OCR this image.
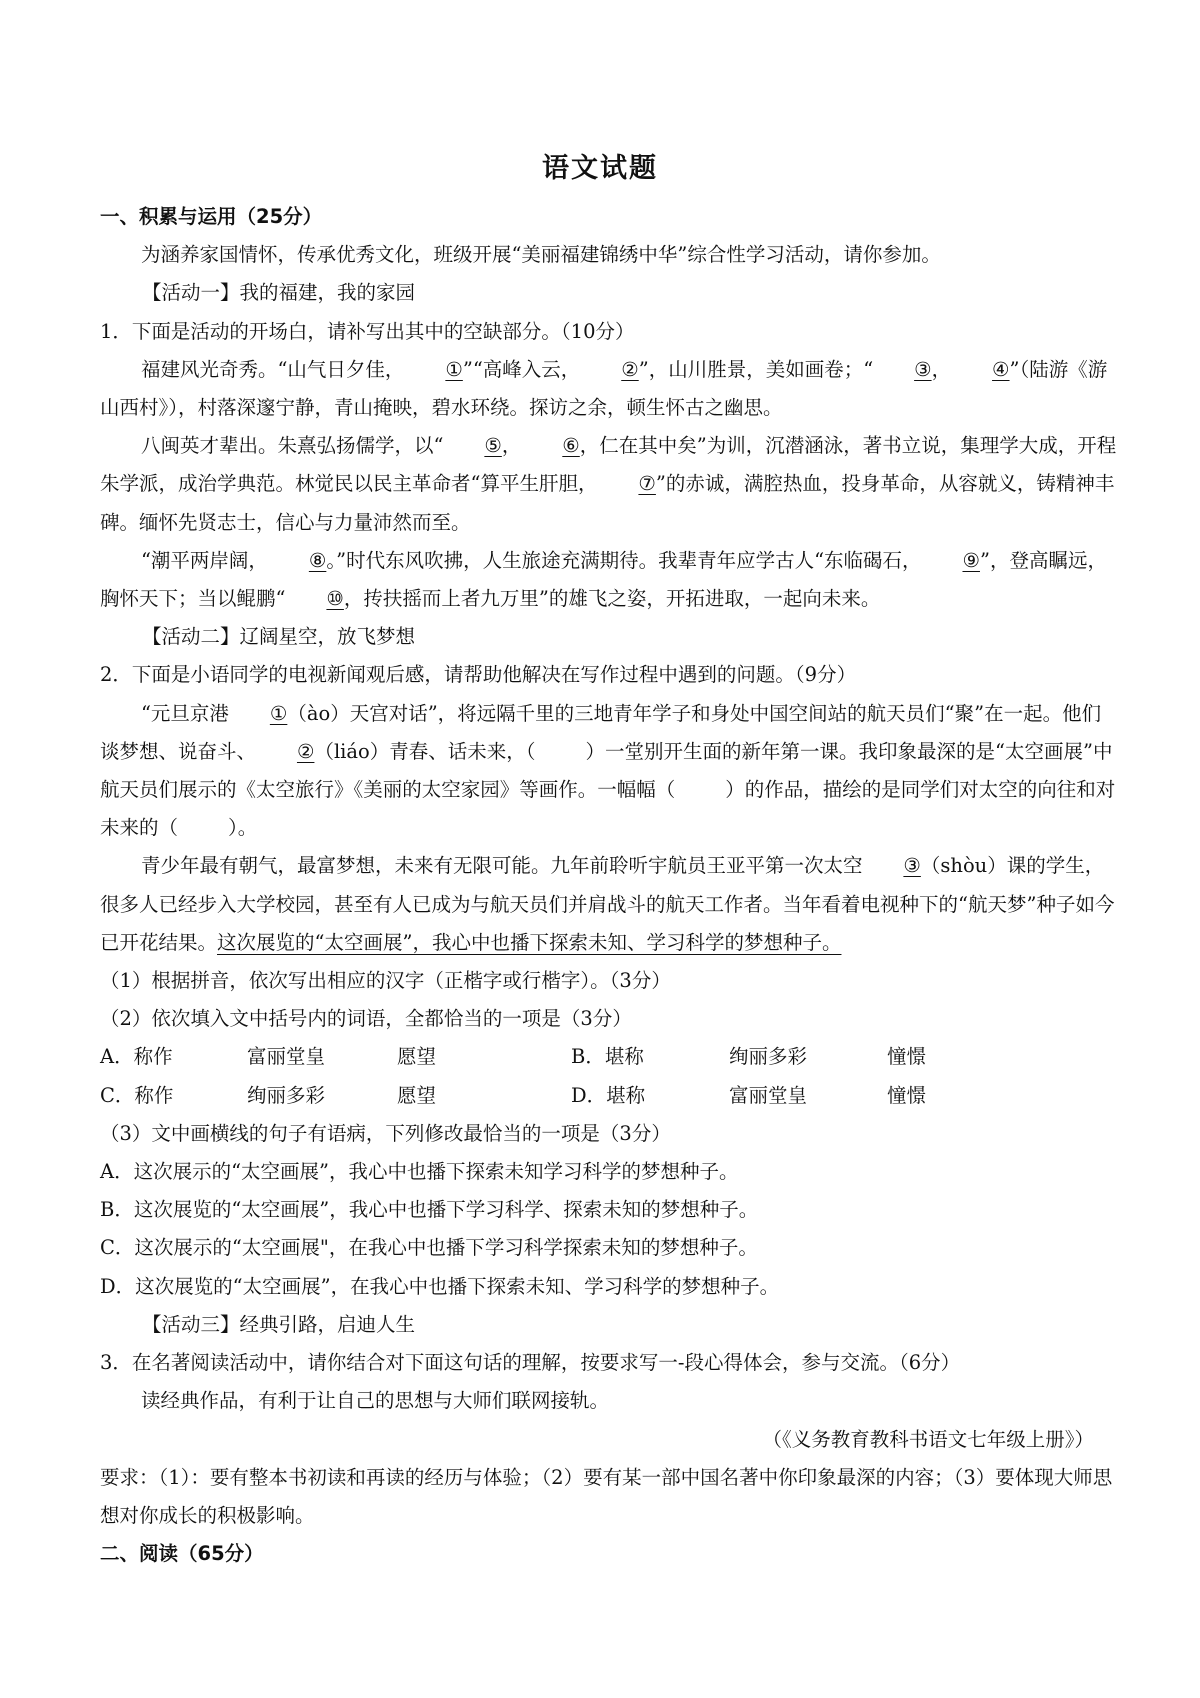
语文试题

一、积累与运用（25分）

为涵养家国情怀，传承优秀文化，班级开展“美丽福建锦绣中华”综合性学习活动，请你参加。

【活动一】我的福建，我的家园

1．下面是活动的开场白，请补写出其中的空缺部分。（10分）

福建风光奇秀。“山气日夕佳， ①”“高峰入云， ②”，山川胜景，美如画卷；“ ③， ④”（陆游《游山西村》），村落深邃宁静，青山掩映，碧水环绕。探访之余，顿生怀古之幽思。

八闽英才辈出。朱熹弘扬儒学，以“ ⑤， ⑥，仁在其中矣”为训，沉潜涵泳，著书立说，集理学大成，开程朱学派，成治学典范。林觉民以民主革命者“算平生肝胆， ⑦”的赤诚，满腔热血，投身革命，从容就义，铸精神丰碑。缅怀先贤志士，信心与力量沛然而至。

“潮平两岸阔， ⑧。”时代东风吹拂，人生旅途充满期待。我辈青年应学古人“东临碣石， ⑨”，登高瞩远，胸怀天下；当以鲲鹏“ ⑩，抟扶摇而上者九万里”的雄飞之姿，开拓进取，一起向未来。

【活动二】辽阔星空，放飞梦想

2．下面是小语同学的电视新闻观后感，请帮助他解决在写作过程中遇到的问题。（9分）

“元旦京港 ①（ào）天宫对话”，将远隔千里的三地青年学子和身处中国空间站的航天员们“聚”在一起。他们谈梦想、说奋斗、 ②（liáo）青春、话未来，（	）一堂别开生面的新年第一课。我印象最深的是“太空画展”中航天员们展示的《太空旅行》《美丽的太空家园》等画作。一幅幅（	）的作品，描绘的是同学们对太空的向往和对未来的（	）。

青少年最有朝气，最富梦想，未来有无限可能。九年前聆听宇航员王亚平第一次太空 ③（shòu）课的学生，很多人已经步入大学校园，甚至有人已成为与航天员们并肩战斗的航天工作者。当年看着电视种下的“航天梦”种子如今已开花结果。这次展览的“太空画展”，我心中也播下探索未知、学习科学的梦想种子。

（1）根据拼音，依次写出相应的汉字（正楷字或行楷字）。（3分）

（2）依次填入文中括号内的词语，全都恰当的一项是（3分）

A．称作	富丽堂皇	愿望	B．堪称	绚丽多彩	憧憬
C．称作	绚丽多彩	愿望	D．堪称	富丽堂皇	憧憬

（3）文中画横线的句子有语病，下列修改最恰当的一项是（3分）

A．这次展示的“太空画展”，我心中也播下探索未知学习科学的梦想种子。

B．这次展览的“太空画展”，我心中也播下学习科学、探索未知的梦想种子。

C．这次展示的“太空画展"，在我心中也播下学习科学探索未知的梦想种子。

D．这次展览的“太空画展”，在我心中也播下探索未知、学习科学的梦想种子。

【活动三】经典引路，启迪人生

3．在名著阅读活动中，请你结合对下面这句话的理解，按要求写一-段心得体会，参与交流。（6分）

读经典作品，有利于让自己的思想与大师们联网接轨。

（《义务教育教科书语文七年级上册》）

要求：（1）：要有整本书初读和再读的经历与体验；（2）要有某一部中国名著中你印象最深的内容；（3）要体现大师思想对你成长的积极影响。

二、阅读（65分）
